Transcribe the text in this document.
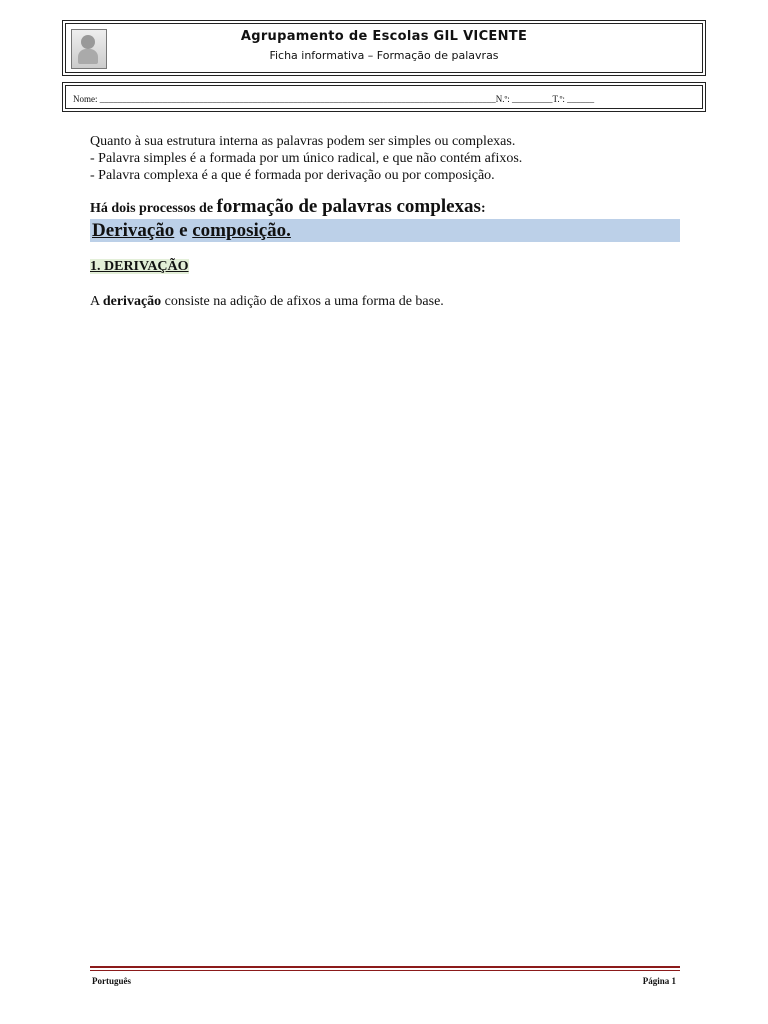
Agrupamento de Escolas GIL VICENTE
Ficha informativa – Formação de palavras
Nome: ________________________________________________________________________________________N.º: _________T.º: ______
Quanto à sua estrutura interna as palavras podem ser simples ou complexas.
- Palavra simples é a formada por um único radical, e que não contém afixos.
- Palavra complexa é a que é formada por derivação ou por composição.
Há dois processos de formação de palavras complexas:
Derivação e composição.
1. DERIVAÇÃO
A derivação consiste na adição de afixos a uma forma de base.
Português	Página 1
